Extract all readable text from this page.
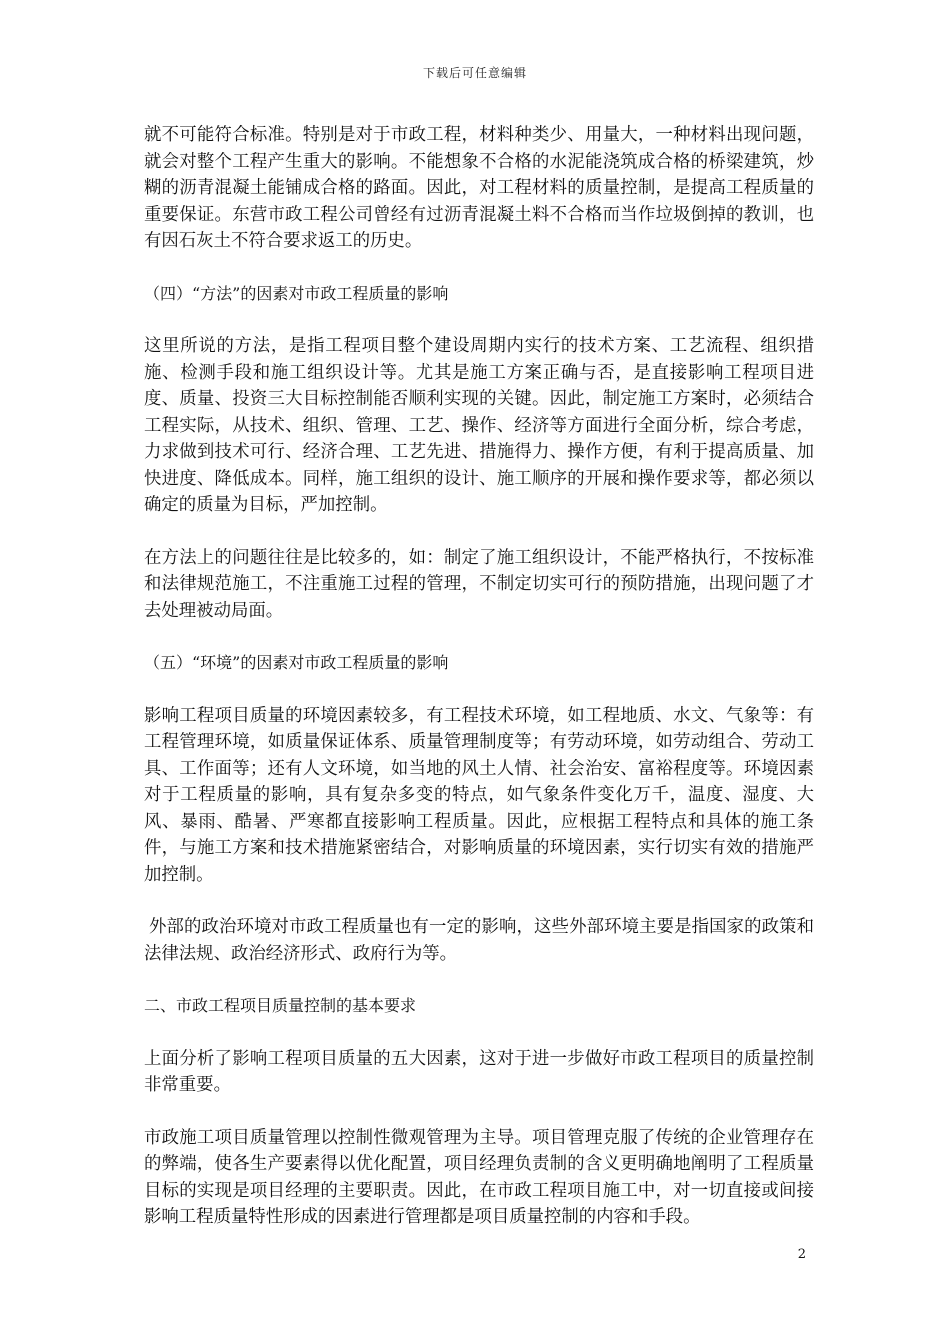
下载后可任意编辑

就不可能符合标准。特别是对于市政工程，材料种类少、用量大，一种材料出现问题，就会对整个工程产生重大的影响。不能想象不合格的水泥能浇筑成合格的桥梁建筑，炒糊的沥青混凝土能铺成合格的路面。因此，对工程材料的质量控制，是提高工程质量的重要保证。东营市政工程公司曾经有过沥青混凝土料不合格而当作垃圾倒掉的教训，也有因石灰土不符合要求返工的历史。

（四）“方法”的因素对市政工程质量的影响

这里所说的方法，是指工程项目整个建设周期内实行的技术方案、工艺流程、组织措施、检测手段和施工组织设计等。尤其是施工方案正确与否，是直接影响工程项目进度、质量、投资三大目标控制能否顺利实现的关键。因此，制定施工方案时，必须结合工程实际，从技术、组织、管理、工艺、操作、经济等方面进行全面分析，综合考虑，力求做到技术可行、经济合理、工艺先进、措施得力、操作方便，有利于提高质量、加快进度、降低成本。同样，施工组织的设计、施工顺序的开展和操作要求等，都必须以确定的质量为目标，严加控制。

在方法上的问题往往是比较多的，如：制定了施工组织设计，不能严格执行，不按标准和法律规范施工，不注重施工过程的管理，不制定切实可行的预防措施，出现问题了才去处理被动局面。

（五）“环境”的因素对市政工程质量的影响

影响工程项目质量的环境因素较多，有工程技术环境，如工程地质、水文、气象等：有工程管理环境，如质量保证体系、质量管理制度等；有劳动环境，如劳动组合、劳动工具、工作面等；还有人文环境，如当地的风土人情、社会治安、富裕程度等。环境因素对于工程质量的影响，具有复杂多变的特点，如气象条件变化万千，温度、湿度、大风、暴雨、酷暑、严寒都直接影响工程质量。因此，应根据工程特点和具体的施工条件，与施工方案和技术措施紧密结合，对影响质量的环境因素，实行切实有效的措施严加控制。

外部的政治环境对市政工程质量也有一定的影响，这些外部环境主要是指国家的政策和法律法规、政治经济形式、政府行为等。

二、市政工程项目质量控制的基本要求

上面分析了影响工程项目质量的五大因素，这对于进一步做好市政工程项目的质量控制非常重要。

市政施工项目质量管理以控制性微观管理为主导。项目管理克服了传统的企业管理存在的弊端，使各生产要素得以优化配置，项目经理负责制的含义更明确地阐明了工程质量目标的实现是项目经理的主要职责。因此，在市政工程项目施工中，对一切直接或间接影响工程质量特性形成的因素进行管理都是项目质量控制的内容和手段。

2
